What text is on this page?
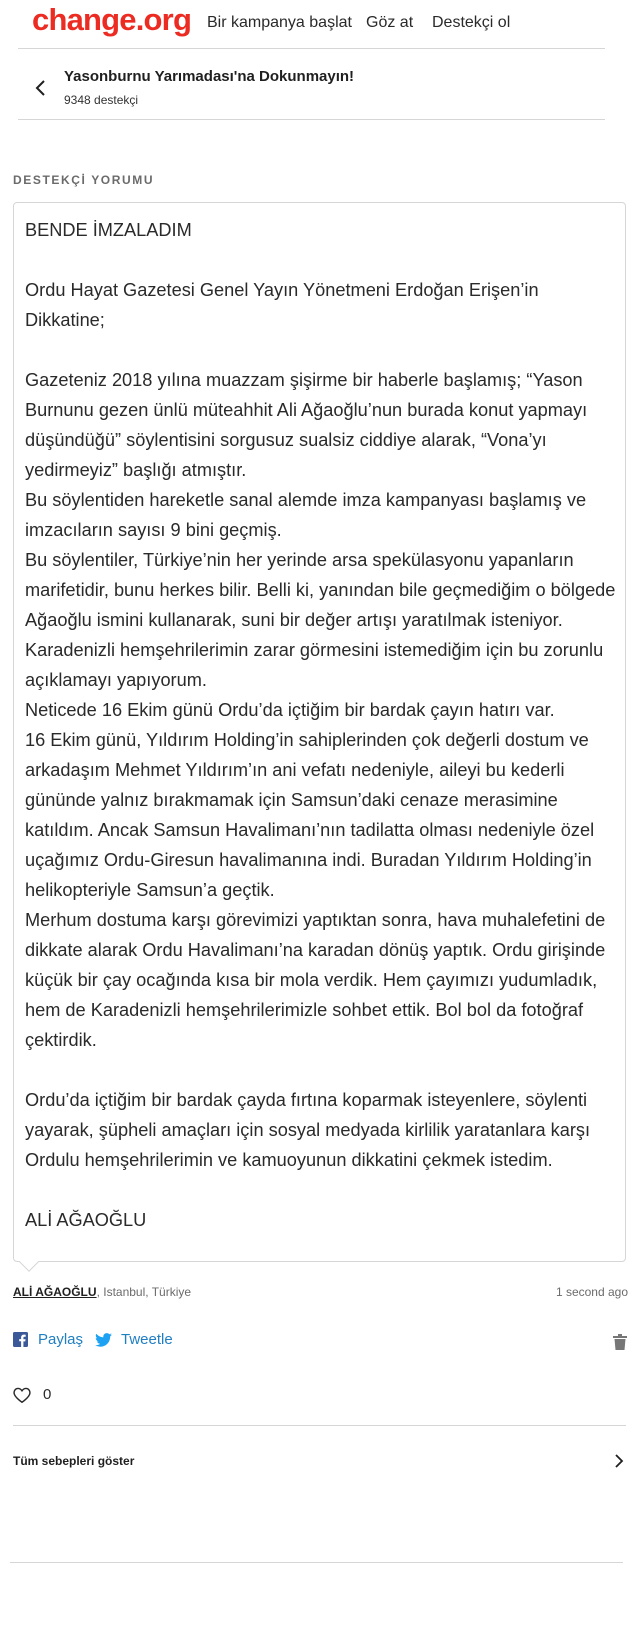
change.org Bir kampanya başlat Göz at Destekçi ol
Yasonburnu Yarımadası'na Dokunmayın!
9348 destekçi
DESTEKÇİ YORUMU
BENDE İMZALADIM

Ordu Hayat Gazetesi Genel Yayın Yönetmeni Erdoğan Erişen’in Dikkatine;

Gazeteniz 2018 yılına muazzam şişirme bir haberle başlamış; “Yason Burnunu gezen ünlü müteahhit Ali Ağaoğlu’nun burada konut yapmayı düşündüğü” söylentisini sorgusuz sualsiz ciddiye alarak, “Vona’yı yedirmeyiz” başlığı atmıştır.
Bu söylentiden hareketle sanal alemde imza kampanyası başlamış ve imzacıların sayısı 9 bini geçmiş.
Bu söylentiler, Türkiye’nin her yerinde arsa spekülasyonu yapanların marifetidir, bunu herkes bilir. Belli ki, yanından bile geçmediğim o bölgede Ağaoğlu ismini kullanarak, suni bir değer artışı yaratılmak isteniyor. Karadenizli hemşehrilerimin zarar görmesini istemediğim için bu zorunlu açıklamayı yapıyorum.
Neticede 16 Ekim günü Ordu’da içtiğim bir bardak çayın hatırı var.
16 Ekim günü, Yıldırım Holding’in sahiplerinden çok değerli dostum ve arkadaşım Mehmet Yıldırım’ın ani vefatı nedeniyle, aileyi bu kederli gününde yalnız bırakmamak için Samsun’daki cenaze merasimine katıldım. Ancak Samsun Havalimanı’nın tadilatta olması nedeniyle özel uçağımız Ordu-Giresun havalimanına indi. Buradan Yıldırım Holding’in helikopteriyle Samsun’a geçtik.
Merhum dostuma karşı görevimizi yaptıktan sonra, hava muhalefetini de dikkate alarak Ordu Havalimanı’na karadan dönüş yaptık. Ordu girişinde küçük bir çay ocağında kısa bir mola verdik. Hem çayımızı yudumladık, hem de Karadenizli hemşehrilerimizle sohbet ettik. Bol bol da fotoğraf çektirdik.

Ordu’da içtiğim bir bardak çayda fırtına koparmak isteyenlere, söylenti yayarak, şüpheli amaçları için sosyal medyada kirlilik yaratanlara karşı Ordulu hemşehrilerimin ve kamuoyunun dikkatini çekmek istedim.

ALİ AĞAOĞLU
ALİ AĞAOĞLU, Istanbul, Türkiye	1 second ago
Paylaş	Tweetle
0
Tüm sebepleri göster
